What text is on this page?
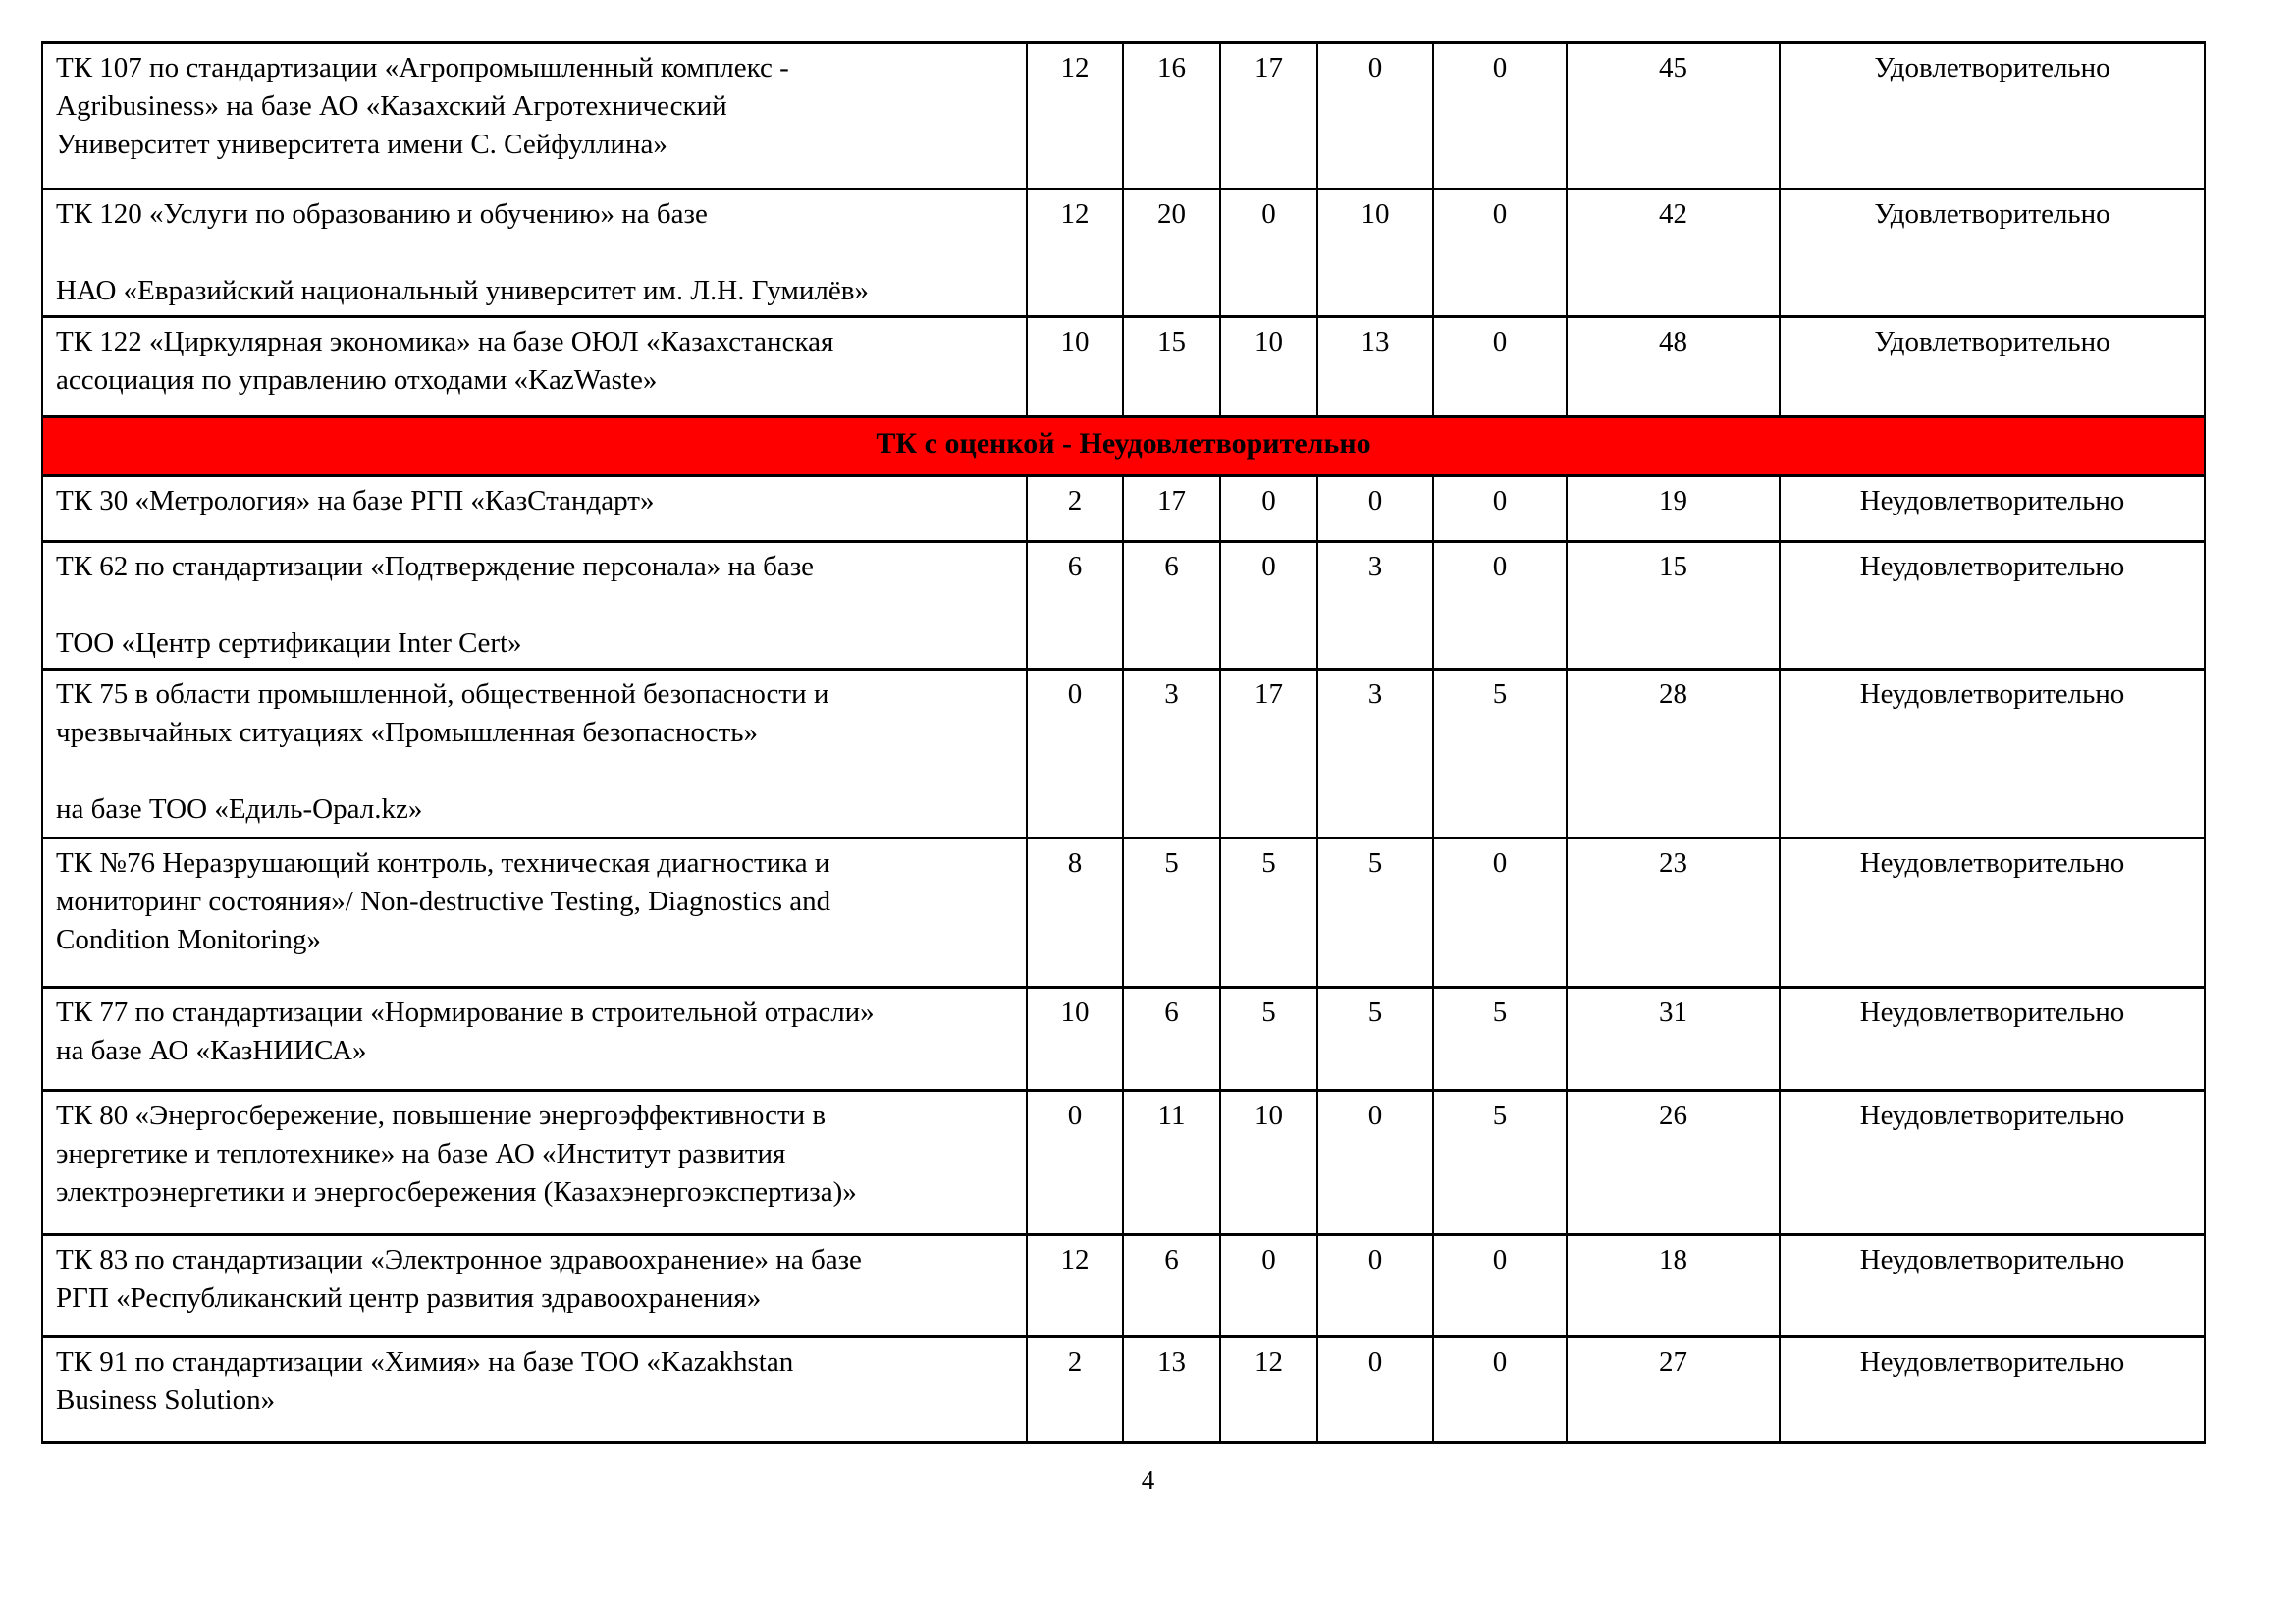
ТК 107 по стандартизации «Агропромышленный комплекс -
Agribusiness» на базе АО «Казахский Агротехнический
Университет университета имени С. Сейфуллина»	12	16	17	0	0	45	Удовлетворительно

ТК 120 «Услуги по образованию и обучению» на базе
НАО «Евразийский национальный университет им. Л.Н. Гумилёв»	12	20	0	10	0	42	Удовлетворительно

ТК 122 «Циркулярная экономика» на базе ОЮЛ «Казахстанская
ассоциация по управлению отходами «KazWaste»	10	15	10	13	0	48	Удовлетворительно
ТК с оценкой - Неудовлетворительно							

ТК 30 «Метрология» на базе РГП «КазСтандарт»	2	17	0	0	0	19	Неудовлетворительно

ТК 62 по стандартизации «Подтверждение персонала» на базе
ТОО «Центр сертификации Inter Cert»	6	6	0	3	0	15	Неудовлетворительно

ТК 75 в области промышленной, общественной безопасности и
чрезвычайных ситуациях «Промышленная безопасность»
на базе ТОО «Едиль-Орал.kz»	0	3	17	3	5	28	Неудовлетворительно

ТК №76 Неразрушающий контроль, техническая диагностика и
мониторинг состояния»/ Non-destructive Testing, Diagnostics and
Condition Monitoring»	8	5	5	5	0	23	Неудовлетворительно

ТК 77 по стандартизации «Нормирование в строительной отрасли»
на базе АО «КазНИИСА»	10	6	5	5	5	31	Неудовлетворительно

ТК 80 «Энергосбережение, повышение энергоэффективности в
энергетике и теплотехнике» на базе АО «Институт развития
электроэнергетики и энергосбережения (Казахэнергоэкспертиза)»	0	11	10	0	5	26	Неудовлетворительно

ТК 83 по стандартизации «Электронное здравоохранение» на базе
РГП «Республиканский центр развития здравоохранения»	12	6	0	0	0	18	Неудовлетворительно

ТК 91 по стандартизации «Химия» на базе ТОО «Kazakhstan
Business Solution»	2	13	12	0	0	27	Неудовлетворительно
4
